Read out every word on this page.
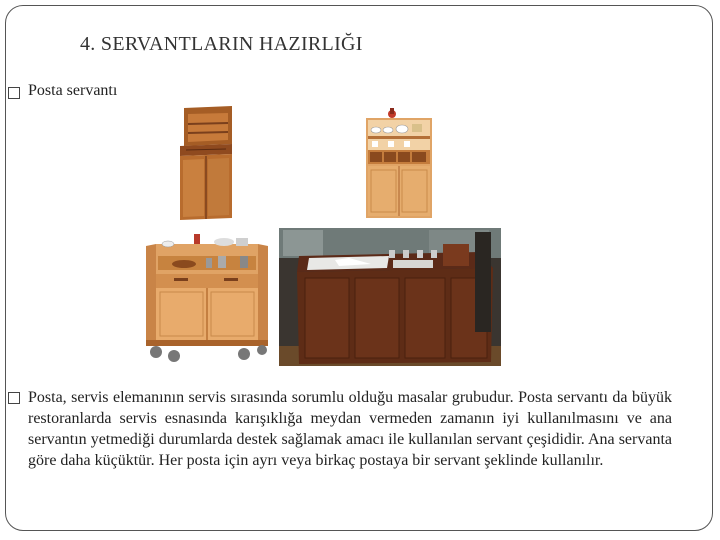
4. SERVANTLARIN HAZIRLIĞI
Posta servantı
Posta, servis elemanının servis sırasında sorumlu olduğu masalar grubudur. Posta servantı da büyük restoranlarda servis esnasında karışıklığa meydan vermeden zamanın iyi kullanılmasını ve ana servantın yetmediği durumlarda destek sağlamak amacı ile kullanılan servant çeşididir. Ana servanta göre daha küçüktür. Her posta için ayrı veya birkaç postaya bir servant şeklinde kullanılır.
